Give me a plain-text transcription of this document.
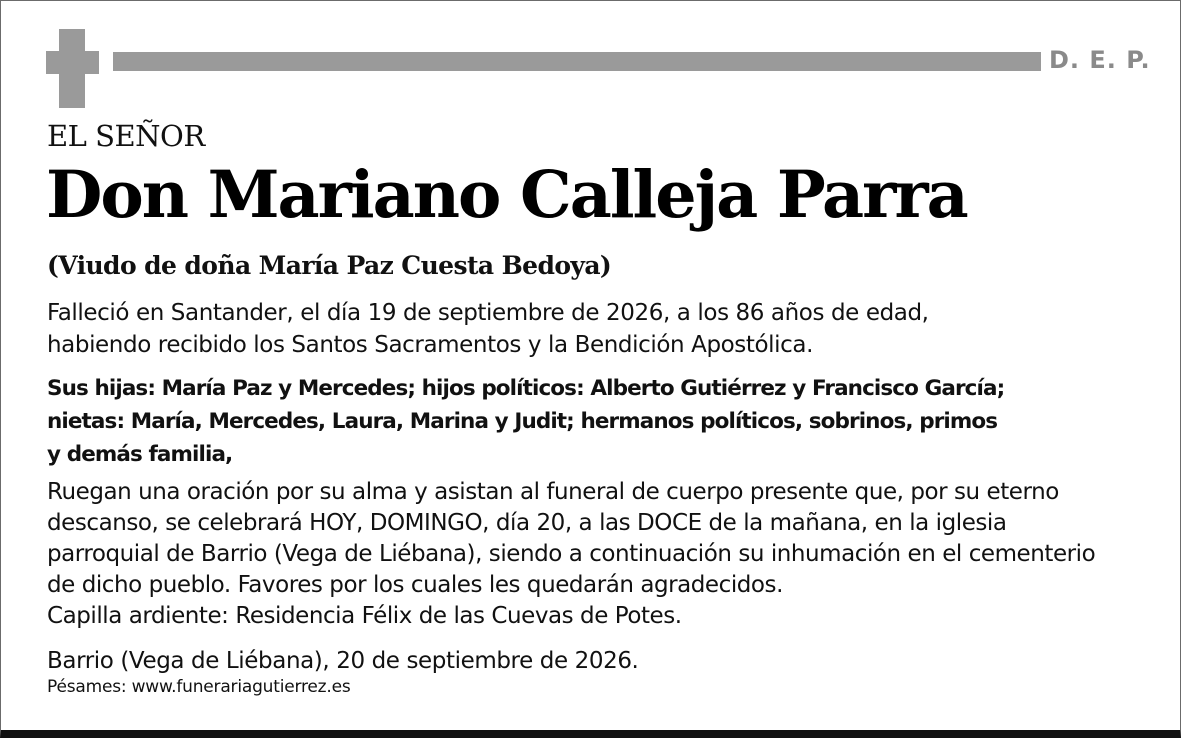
D. E. P.
EL SEÑOR
Don Mariano Calleja Parra
(Viudo de doña María Paz Cuesta Bedoya)
Falleció en Santander, el día 19 de septiembre de 2026, a los 86 años de edad,
habiendo recibido los Santos Sacramentos y la Bendición Apostólica.
Sus hijas: María Paz y Mercedes; hijos políticos: Alberto Gutiérrez y Francisco García;
nietas: María, Mercedes, Laura, Marina y Judit; hermanos políticos, sobrinos, primos
y demás familia,
Ruegan una oración por su alma y asistan al funeral de cuerpo presente que, por su eterno
descanso, se celebrará HOY, DOMINGO, día 20, a las DOCE de la mañana, en la iglesia
parroquial de Barrio (Vega de Liébana), siendo a continuación su inhumación en el cementerio
de dicho pueblo. Favores por los cuales les quedarán agradecidos.
Capilla ardiente: Residencia Félix de las Cuevas de Potes.
Barrio (Vega de Liébana), 20 de septiembre de 2026.
Pésames: www.funerariagutierrez.es
